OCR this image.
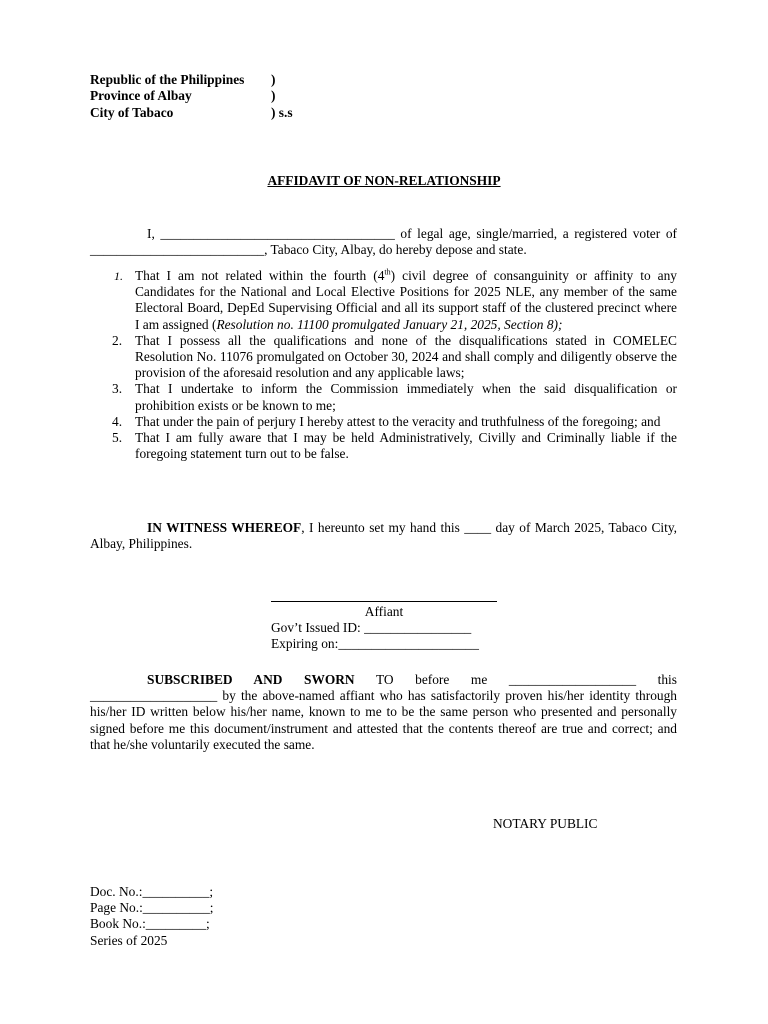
Republic of the Philippines )
Province of Albay	)
City of Tabaco	) s.s
AFFIDAVIT OF NON-RELATIONSHIP
I, ___________________________________ of legal age, single/married, a registered voter of __________________________, Tabaco City, Albay, do hereby depose and state.
1. That I am not related within the fourth (4th) civil degree of consanguinity or affinity to any Candidates for the National and Local Elective Positions for 2025 NLE, any member of the same Electoral Board, DepEd Supervising Official and all its support staff of the clustered precinct where I am assigned (Resolution no. 11100 promulgated January 21, 2025, Section 8);
2. That I possess all the qualifications and none of the disqualifications stated in COMELEC Resolution No. 11076 promulgated on October 30, 2024 and shall comply and diligently observe the provision of the aforesaid resolution and any applicable laws;
3. That I undertake to inform the Commission immediately when the said disqualification or prohibition exists or be known to me;
4. That under the pain of perjury I hereby attest to the veracity and truthfulness of the foregoing; and
5. That I am fully aware that I may be held Administratively, Civilly and Criminally liable if the foregoing statement turn out to be false.
IN WITNESS WHEREOF, I hereunto set my hand this ____ day of March 2025, Tabaco City, Albay, Philippines.
Affiant
Gov’t Issued ID: ________________
Expiring on:_____________________
SUBSCRIBED AND SWORN TO before me ___________________ this ___________________ by the above-named affiant who has satisfactorily proven his/her identity through his/her ID written below his/her name, known to me to be the same person who presented and personally signed before me this document/instrument and attested that the contents thereof are true and correct; and that he/she voluntarily executed the same.
NOTARY PUBLIC
Doc. No.:__________;
Page No.:__________;
Book No.:_________;
Series of 2025
